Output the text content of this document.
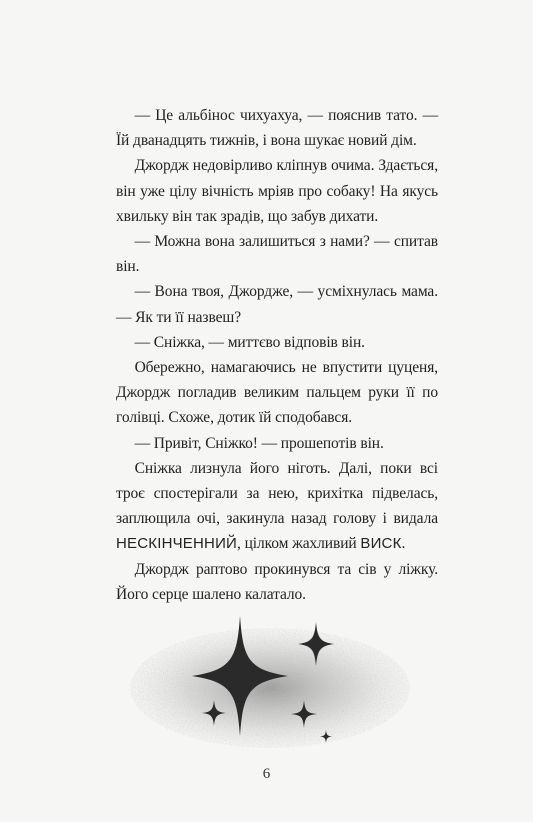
— Це альбінос чихуахуа, — пояснив тато. — Їй дванадцять тижнів, і вона шукає новий дім.

Джордж недовірливо кліпнув очима. Здається, він уже цілу вічність мріяв про собаку! На якусь хвильку він так зрадів, що забув дихати.

— Можна вона залишиться з нами? — спитав він.

— Вона твоя, Джордже, — усміхнулась мама. — Як ти її назвеш?

— Сніжка, — миттєво відповів він.

Обережно, намагаючись не впустити цуценя, Джордж погладив великим пальцем руки її по голівці. Схоже, дотик їй сподобався.

— Привіт, Сніжко! — прошепотів він.

Сніжка лизнула його ніготь. Далі, поки всі троє спостерігали за нею, крихітка підвелась, заплющила очі, закинула назад голову і видала НЕСКІНЧЕННИЙ, цілком жахливий ВИСК.

Джордж раптово прокинувся та сів у ліжку. Його серце шалено калатало.

6
